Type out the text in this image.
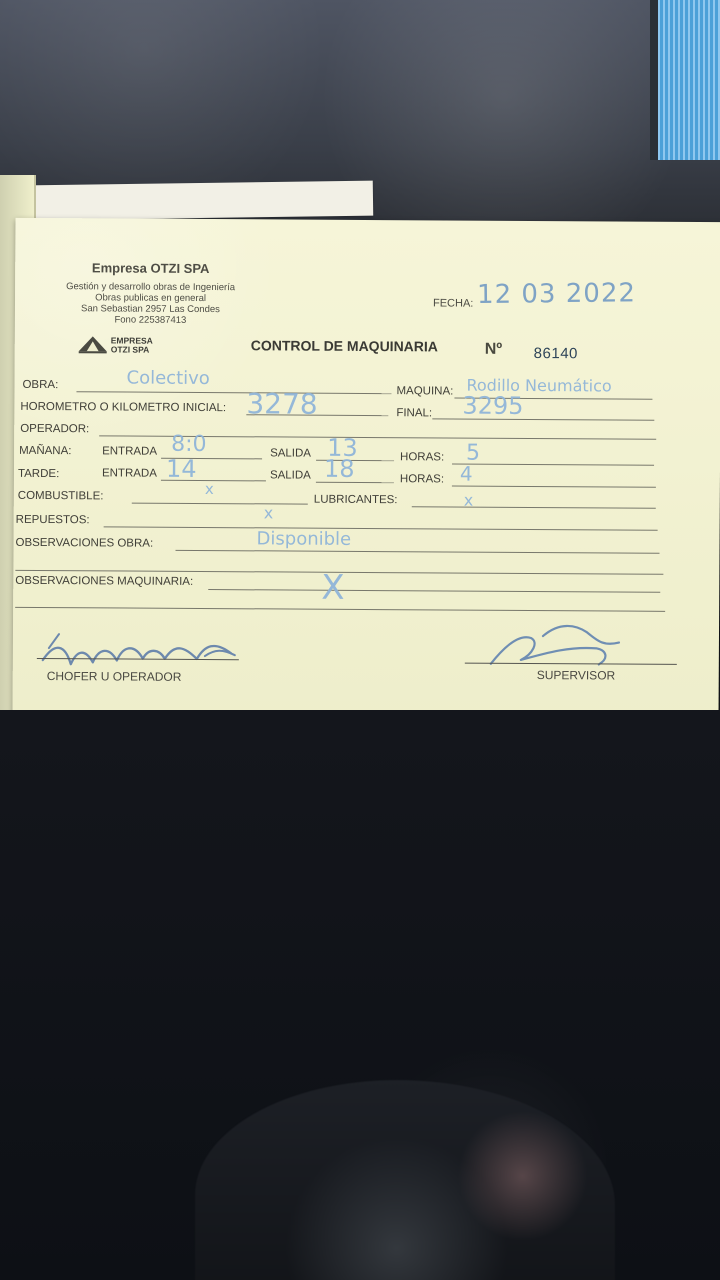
Empresa OTZI SPA
Gestión y desarrollo obras de Ingeniería
Obras publicas en general
San Sebastian 2957 Las Condes
Fono 225387413
EMPRESA
OTZI SPA
FECHA: 12 03 2022
CONTROL DE MAQUINARIA	Nº 86140
OBRA:	Colectivo
MAQUINA: Rodillo Neumático
HOROMETRO O KILOMETRO INICIAL: 3278	FINAL: 3295
OPERADOR:
MAÑANA:	ENTRADA 8:0	SALIDA 13	HORAS: 5
TARDE:	ENTRADA 14	SALIDA 18	HORAS: 4
COMBUSTIBLE:	x
LUBRICANTES:	x
REPUESTOS:	x
OBSERVACIONES OBRA:	Disponible
OBSERVACIONES MAQUINARIA:	X
CHOFER U OPERADOR	SUPERVISOR
